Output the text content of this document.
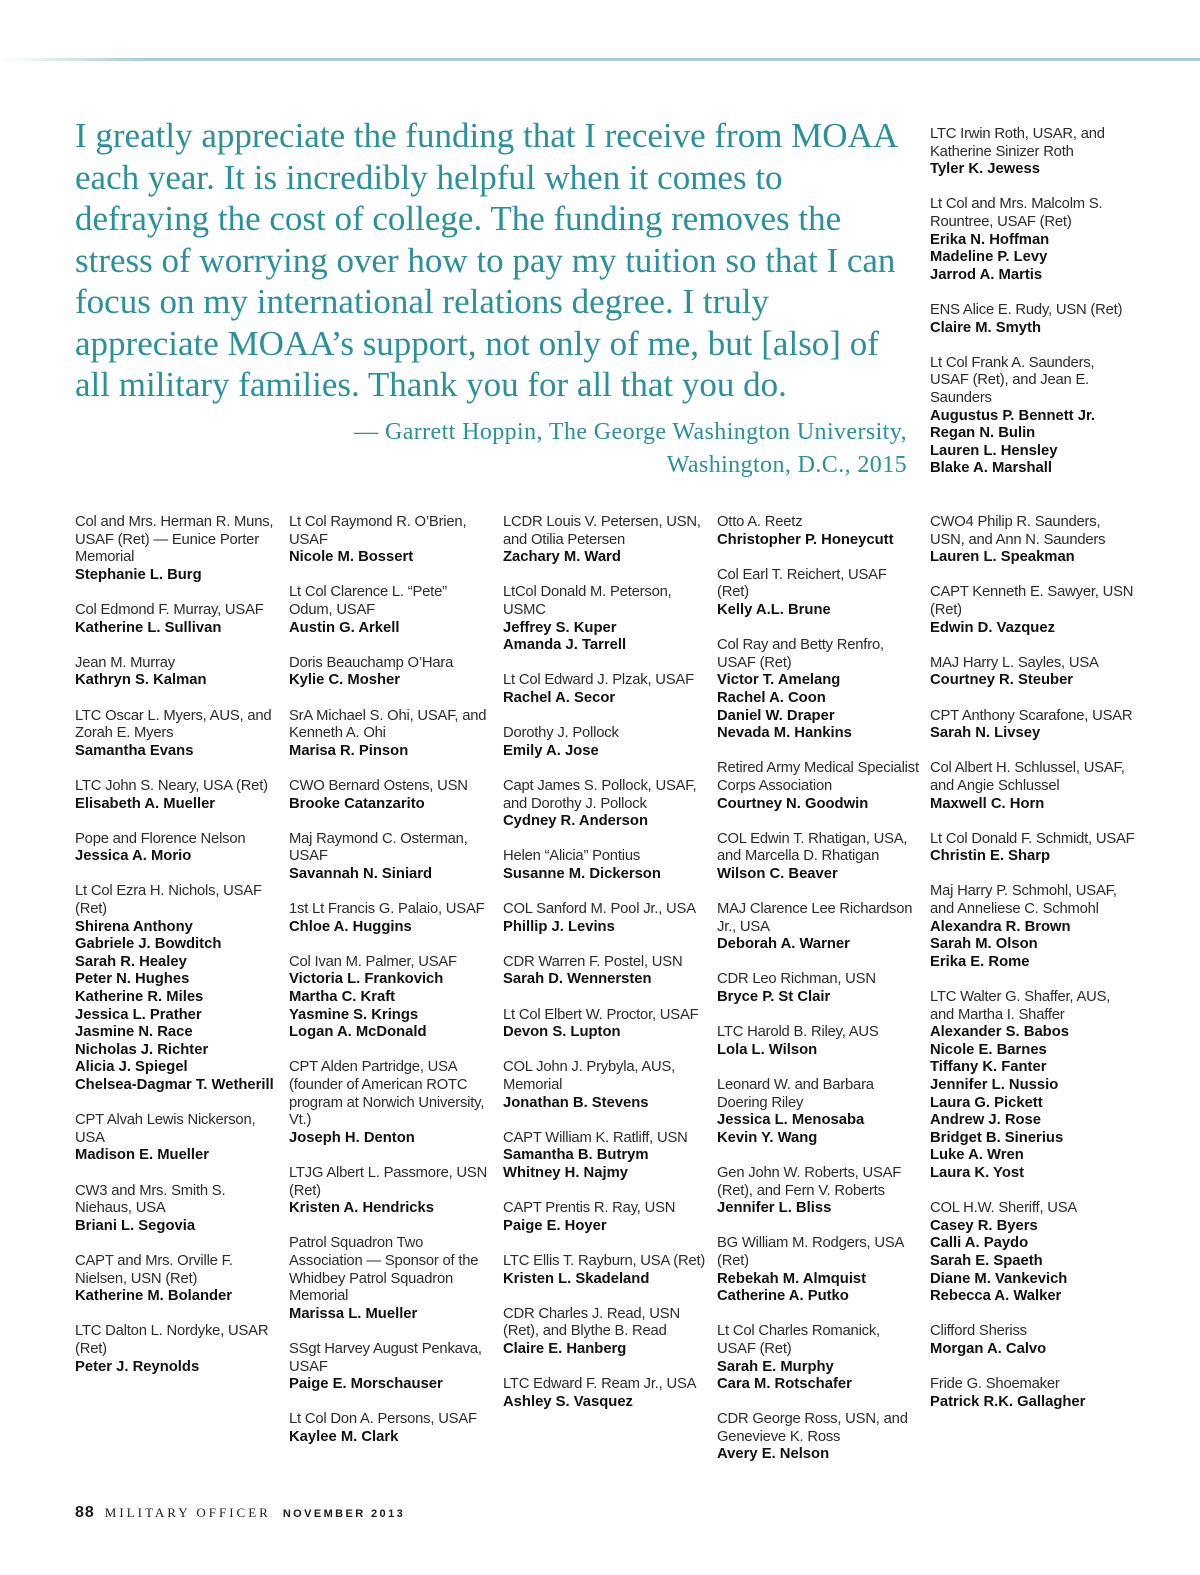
I greatly appreciate the funding that I receive from MOAA each year. It is incredibly helpful when it comes to defraying the cost of college. The funding removes the stress of worrying over how to pay my tuition so that I can focus on my international relations degree. I truly appreciate MOAA’s support, not only of me, but [also] of all military families. Thank you for all that you do.

— Garrett Hoppin, The George Washington University,
Washington, D.C., 2015
LTC Irwin Roth, USAR, and Katherine Sinizer Roth
Tyler K. Jewess
Lt Col and Mrs. Malcolm S. Rountree, USAF (Ret)
Erika N. Hoffman
Madeline P. Levy
Jarrod A. Martis
ENS Alice E. Rudy, USN (Ret)
Claire M. Smyth
Lt Col Frank A. Saunders, USAF (Ret), and Jean E. Saunders
Augustus P. Bennett Jr.
Regan N. Bulin
Lauren L. Hensley
Blake A. Marshall
Col and Mrs. Herman R. Muns, USAF (Ret) — Eunice Porter Memorial
Stephanie L. Burg
Col Edmond F. Murray, USAF
Katherine L. Sullivan
Jean M. Murray
Kathryn S. Kalman
LTC Oscar L. Myers, AUS, and Zorah E. Myers
Samantha Evans
LTC John S. Neary, USA (Ret)
Elisabeth A. Mueller
Pope and Florence Nelson
Jessica A. Morio
Lt Col Ezra H. Nichols, USAF (Ret)
Shirena Anthony
Gabriele J. Bowditch
Sarah R. Healey
Peter N. Hughes
Katherine R. Miles
Jessica L. Prather
Jasmine N. Race
Nicholas J. Richter
Alicia J. Spiegel
Chelsea-Dagmar T. Wetherill
CPT Alvah Lewis Nickerson, USA
Madison E. Mueller
CW3 and Mrs. Smith S. Niehaus, USA
Briani L. Segovia
CAPT and Mrs. Orville F. Nielsen, USN (Ret)
Katherine M. Bolander
LTC Dalton L. Nordyke, USAR (Ret)
Peter J. Reynolds
Lt Col Raymond R. O’Brien, USAF
Nicole M. Bossert
Lt Col Clarence L. “Pete” Odum, USAF
Austin G. Arkell
Doris Beauchamp O’Hara
Kylie C. Mosher
SrA Michael S. Ohi, USAF, and Kenneth A. Ohi
Marisa R. Pinson
CWO Bernard Ostens, USN
Brooke Catanzarito
Maj Raymond C. Osterman, USAF
Savannah N. Siniard
1st Lt Francis G. Palaio, USAF
Chloe A. Huggins
Col Ivan M. Palmer, USAF
Victoria L. Frankovich
Martha C. Kraft
Yasmine S. Krings
Logan A. McDonald
CPT Alden Partridge, USA (founder of American ROTC program at Norwich University, Vt.)
Joseph H. Denton
LTJG Albert L. Passmore, USN (Ret)
Kristen A. Hendricks
Patrol Squadron Two Association — Sponsor of the Whidbey Patrol Squadron Memorial
Marissa L. Mueller
SSgt Harvey August Penkava, USAF
Paige E. Morschauser
Lt Col Don A. Persons, USAF
Kaylee M. Clark
LCDR Louis V. Petersen, USN, and Otilia Petersen
Zachary M. Ward
LtCol Donald M. Peterson, USMC
Jeffrey S. Kuper
Amanda J. Tarrell
Lt Col Edward J. Plzak, USAF
Rachel A. Secor
Dorothy J. Pollock
Emily A. Jose
Capt James S. Pollock, USAF, and Dorothy J. Pollock
Cydney R. Anderson
Helen “Alicia” Pontius
Susanne M. Dickerson
COL Sanford M. Pool Jr., USA
Phillip J. Levins
CDR Warren F. Postel, USN
Sarah D. Wennersten
Lt Col Elbert W. Proctor, USAF
Devon S. Lupton
COL John J. Prybyla, AUS, Memorial
Jonathan B. Stevens
CAPT William K. Ratliff, USN
Samantha B. Butrym
Whitney H. Najmy
CAPT Prentis R. Ray, USN
Paige E. Hoyer
LTC Ellis T. Rayburn, USA (Ret)
Kristen L. Skadeland
CDR Charles J. Read, USN (Ret), and Blythe B. Read
Claire E. Hanberg
LTC Edward F. Ream Jr., USA
Ashley S. Vasquez
Otto A. Reetz
Christopher P. Honeycutt
Col Earl T. Reichert, USAF (Ret)
Kelly A.L. Brune
Col Ray and Betty Renfro, USAF (Ret)
Victor T. Amelang
Rachel A. Coon
Daniel W. Draper
Nevada M. Hankins
Retired Army Medical Specialist Corps Association
Courtney N. Goodwin
COL Edwin T. Rhatigan, USA, and Marcella D. Rhatigan
Wilson C. Beaver
MAJ Clarence Lee Richardson Jr., USA
Deborah A. Warner
CDR Leo Richman, USN
Bryce P. St Clair
LTC Harold B. Riley, AUS
Lola L. Wilson
Leonard W. and Barbara Doering Riley
Jessica L. Menosaba
Kevin Y. Wang
Gen John W. Roberts, USAF (Ret), and Fern V. Roberts
Jennifer L. Bliss
BG William M. Rodgers, USA (Ret)
Rebekah M. Almquist
Catherine A. Putko
Lt Col Charles Romanick, USAF (Ret)
Sarah E. Murphy
Cara M. Rotschafer
CDR George Ross, USN, and Genevieve K. Ross
Avery E. Nelson
CWO4 Philip R. Saunders, USN, and Ann N. Saunders
Lauren L. Speakman
CAPT Kenneth E. Sawyer, USN (Ret)
Edwin D. Vazquez
MAJ Harry L. Sayles, USA
Courtney R. Steuber
CPT Anthony Scarafone, USAR
Sarah N. Livsey
Col Albert H. Schlussel, USAF, and Angie Schlussel
Maxwell C. Horn
Lt Col Donald F. Schmidt, USAF
Christin E. Sharp
Maj Harry P. Schmohl, USAF, and Anneliese C. Schmohl
Alexandra R. Brown
Sarah M. Olson
Erika E. Rome
LTC Walter G. Shaffer, AUS, and Martha I. Shaffer
Alexander S. Babos
Nicole E. Barnes
Tiffany K. Fanter
Jennifer L. Nussio
Laura G. Pickett
Andrew J. Rose
Bridget B. Sinerius
Luke A. Wren
Laura K. Yost
COL H.W. Sheriff, USA
Casey R. Byers
Calli A. Paydo
Sarah E. Spaeth
Diane M. Vankevich
Rebecca A. Walker
Clifford Sheriss
Morgan A. Calvo
Fride G. Shoemaker
Patrick R.K. Gallagher
88 MILITARY OFFICER NOVEMBER 2013
